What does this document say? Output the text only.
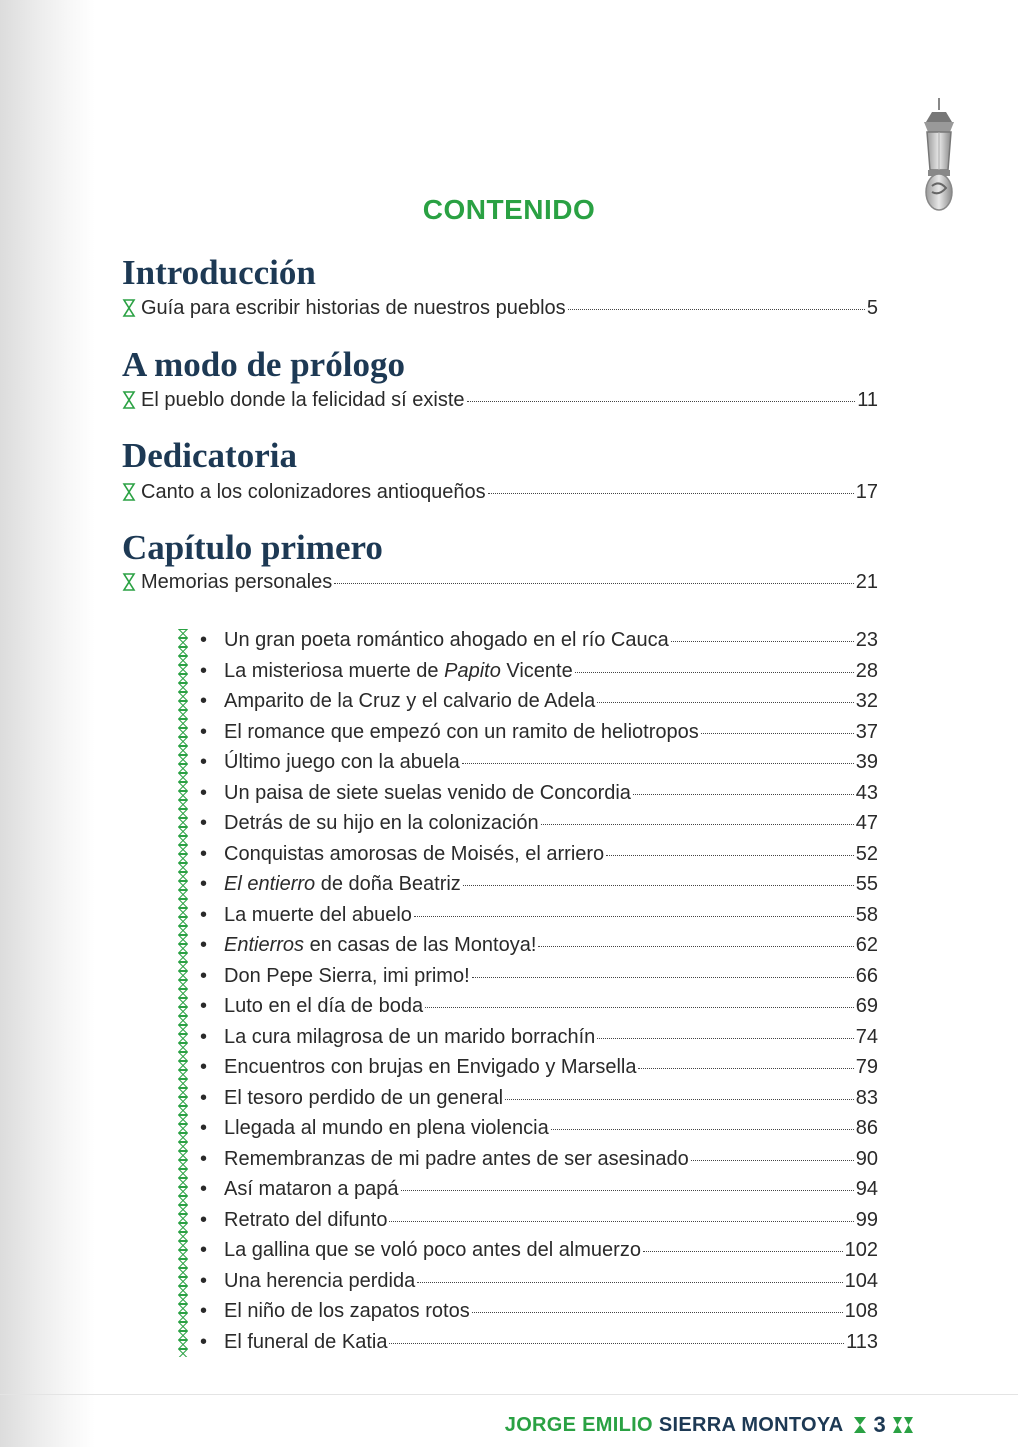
CONTENIDO
Introducción
Guía para escribir historias de nuestros pueblos	5
A modo de prólogo
El pueblo donde la felicidad sí existe	11
Dedicatoria
Canto a los colonizadores antioqueños	17
Capítulo primero
Memorias personales	21
• Un gran poeta romántico ahogado en el río Cauca	23
• La misteriosa muerte de Papito Vicente	28
• Amparito de la Cruz y el calvario de Adela	32
• El romance que empezó con un ramito de heliotropos	37
• Último juego con la abuela	39
• Un paisa de siete suelas venido de Concordia	43
• Detrás de su hijo en la colonización	47
• Conquistas amorosas de Moisés, el arriero	52
• El entierro de doña Beatriz	55
• La muerte del abuelo	58
• Entierros en casas de las Montoya!	62
• Don Pepe Sierra, imi primo!	66
• Luto en el día de boda	69
• La cura milagrosa de un marido borrachín	74
• Encuentros con brujas en Envigado y Marsella	79
• El tesoro perdido de un general	83
• Llegada al mundo en plena violencia	86
• Remembranzas de mi padre antes de ser asesinado	90
• Así mataron a papá	94
• Retrato del difunto	99
• La gallina que se voló poco antes del almuerzo	102
• Una herencia perdida	104
• El niño de los zapatos rotos	108
• El funeral de Katia	113
JORGE EMILIO SIERRA MONTOYA 3
